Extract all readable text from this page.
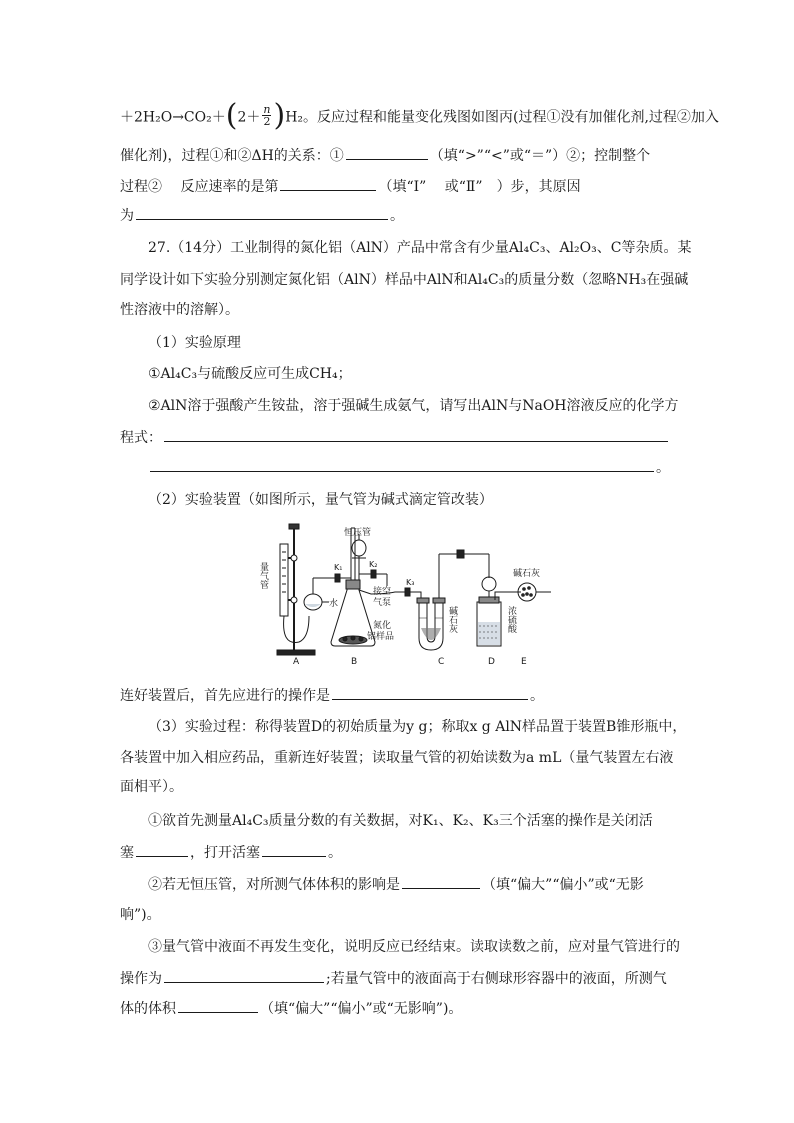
$+2H_2O\to CO_2+(2+ \frac{n}{2} )H_2$。反应过程和能量变化残图如图丙(过程①没有加催化剂,过程②加入
催化剂)，过程①和②ΔH的关系：①	（填“>”“<”或“＝”）②；控制整个
过程②　 反应速率的是第	（填“Ⅰ”　 或“Ⅱ”　）步，其原因
为	。
27.（14分）工业制得的氮化铝（AlN）产品中常含有少量Al₄C₃、Al₂O₃、C等杂质。某
同学设计如下实验分别测定氮化铝（AlN）样品中AlN和Al₄C₃的质量分数（忽略NH₃在强碱
性溶液中的溶解）。
（1）实验原理
①Al₄C₃与硫酸反应可生成CH₄；
②AlN溶于强酸产生铵盐，溶于强碱生成氨气，请写出AlN与NaOH溶液反应的化学方
程式：
。
（2）实验装置（如图所示，量气管为碱式滴定管改装）
恒压管
量气管
水
K₁	K₂
K₃
接空
气泵
氮化
铝样品
碱石灰	浓硫酸
碱石灰
A	B	C	D	E
连好装置后，首先应进行的操作是	。
（3）实验过程：称得装置D的初始质量为y g；称取x g AlN样品置于装置B锥形瓶中，
各装置中加入相应药品，重新连好装置；读取量气管的初始读数为a mL（量气装置左右液
面相平）。
①欲首先测量Al₄C₃质量分数的有关数据，对K₁、K₂、K₃三个活塞的操作是关闭活
塞	，打开活塞	。
②若无恒压管，对所测气体体积的影响是	（填“偏大”“偏小”或“无影
响”)。
③量气管中液面不再发生变化，说明反应已经结束。读取读数之前，应对量气管进行的
操作为	;若量气管中的液面高于右侧球形容器中的液面，所测气
体的体积	（填“偏大”“偏小”或“无影响”)。
